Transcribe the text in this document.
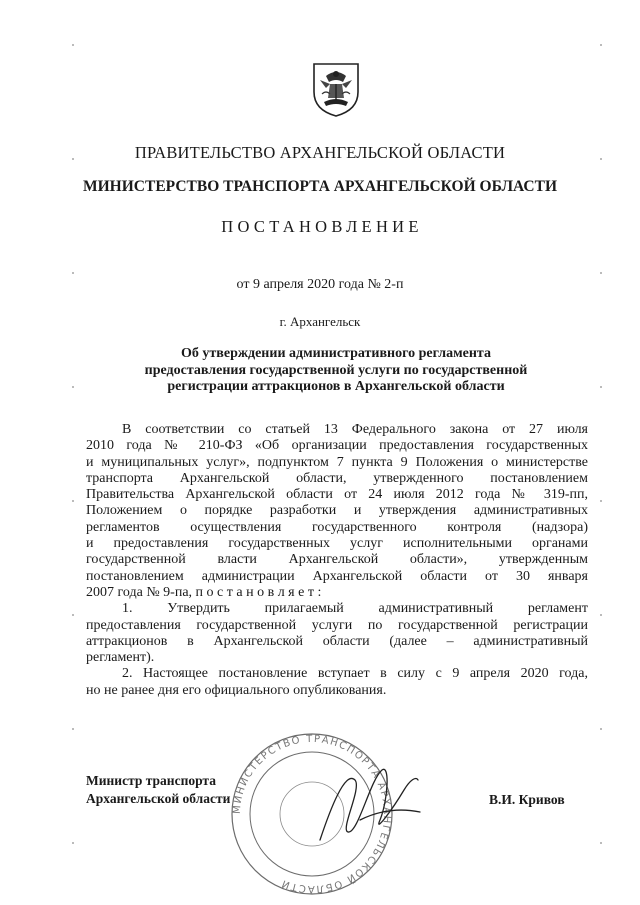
ПРАВИТЕЛЬСТВО АРХАНГЕЛЬСКОЙ ОБЛАСТИ
МИНИСТЕРСТВО ТРАНСПОРТА АРХАНГЕЛЬСКОЙ ОБЛАСТИ
ПОСТАНОВЛЕНИЕ
от 9 апреля 2020 года № 2-п
г. Архангельск
Об утверждении административного регламента
предоставления государственной услуги по государственной
регистрации аттракционов в Архангельской области
В соответствии со статьей 13 Федерального закона от 27 июля
2010 года № 210-ФЗ «Об организации предоставления государственных
и муниципальных услуг», подпунктом 7 пункта 9 Положения о министерстве
транспорта Архангельской области, утвержденного постановлением
Правительства Архангельской области от 24 июля 2012 года № 319-пп,
Положением о порядке разработки и утверждения административных
регламентов осуществления государственного контроля (надзора)
и предоставления государственных услуг исполнительными органами
государственной власти Архангельской области», утвержденным
постановлением администрации Архангельской области от 30 января
2007 года № 9-па, п о с т а н о в л я е т :
1. Утвердить прилагаемый административный регламент
предоставления государственной услуги по государственной регистрации
аттракционов в Архангельской области (далее – административный
регламент).
2. Настоящее постановление вступает в силу с 9 апреля 2020 года,
но не ранее дня его официального опубликования.
МИНИСТЕРСТВО ТРАНСПОРТА АРХАНГЕЛЬСКОЙ ОБЛАСТИ
Министр транспорта
Архангельской области	В.И. Кривов
